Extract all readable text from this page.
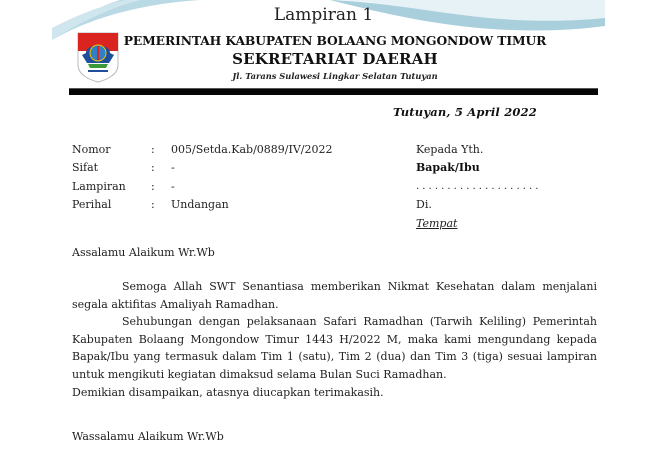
Lampiran 1
PEMERINTAH KABUPATEN BOLAANG MONGONDOW TIMUR
SEKRETARIAT DAERAH
Jl. Tarans Sulawesi Lingkar Selatan Tutuyan
Tutuyan, 5 April 2022
Nomor	:	005/Setda.Kab/0889/IV/2022
Sifat	:	-
Lampiran	:	-
Perihal	:	Undangan
Kepada Yth.
Bapak/Ibu
....................
Di.
Tempat
Assalamu Alaikum Wr.Wb

Semoga Allah SWT Senantiasa memberikan Nikmat Kesehatan dalam menjalani segala aktifitas Amaliyah Ramadhan.

Sehubungan dengan pelaksanaan Safari Ramadhan (Tarwih Keliling) Pemerintah Kabupaten Bolaang Mongondow Timur 1443 H/2022 M, maka kami mengundang kepada Bapak/Ibu yang termasuk dalam Tim 1 (satu), Tim 2 (dua) dan Tim 3 (tiga) sesuai lampiran untuk mengikuti kegiatan dimaksud selama Bulan Suci Ramadhan.

Demikian disampaikan, atasnya diucapkan terimakasih.

Wassalamu Alaikum Wr.Wb
